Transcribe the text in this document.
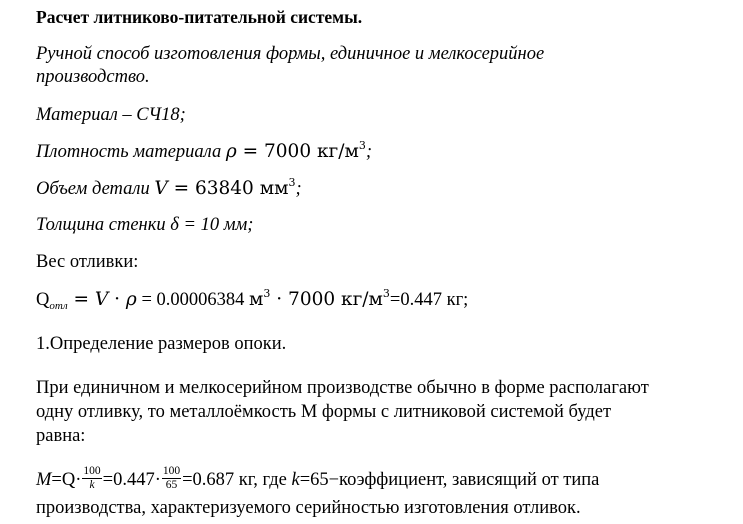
Расчет литниково-питательной системы.
Ручной способ изготовления формы, единичное и мелкосерийное
производство.
Материал – СЧ18;
Плотность материала ρ = 7000 $кг/м^3$;
Объем детали V = 63840 $мм^3$;
Толщина стенки δ = 10 мм;
Вес отливки:
$Q_{отл} = V \cdot \rho = 0.00006384$ $м^3 \cdot 7000$ $кг/м^3=0.447$ кг;
1.Определение размеров опоки.
При единичном и мелкосерийном производстве обычно в форме располагают
одну отливку, то металлоёмкость М формы с литниковой системой будет
равна:
$M=Q\cdot \frac{100}{k} =0.447\cdot \frac{100}{65} =0.687$ кг, где k=65−коэффициент, зависящий от типа
производства, характеризуемого серийностью изготовления отливок.
